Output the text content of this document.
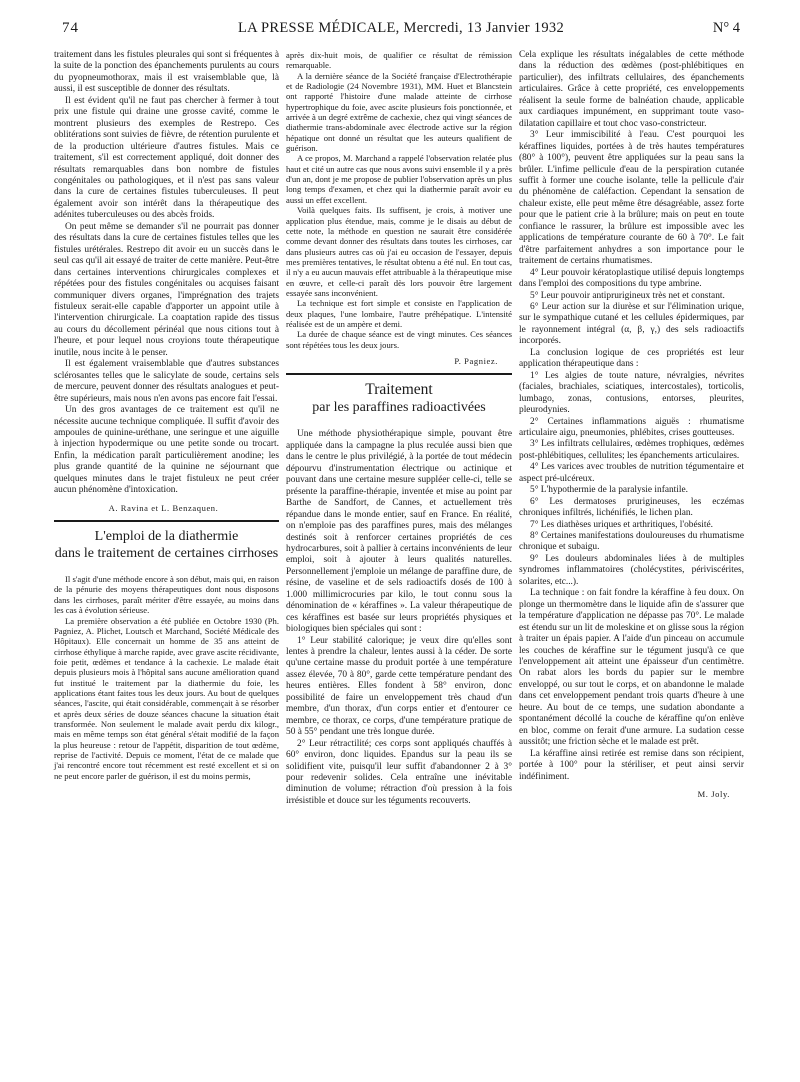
74	LA PRESSE MÉDICALE, Mercredi, 13 Janvier 1932	N° 4

traitement dans les fistules pleurales qui sont si fréquentes à la suite de la ponction des épanchements purulents au cours du pyopneumothorax, mais il est vraisemblable que, là aussi, il est susceptible de donner des résultats.

Il est évident qu'il ne faut pas chercher à fermer à tout prix une fistule qui draine une grosse cavité, comme le montrent plusieurs des exemples de Restrepo. Ces oblitérations sont suivies de fièvre, de rétention purulente et de la production ultérieure d'autres fistules. Mais ce traitement, s'il est correctement appliqué, doit donner des résultats remarquables dans bon nombre de fistules congénitales ou pathologiques, et il n'est pas sans valeur dans la cure de certaines fistules tuberculeuses. Il peut également avoir son intérêt dans la thérapeutique des adénites tuberculeuses ou des abcès froids.

On peut même se demander s'il ne pourrait pas donner des résultats dans la cure de certaines fistules telles que les fistules urétérales. Restrepo dit avoir eu un succès dans le seul cas qu'il ait essayé de traiter de cette manière. Peut-être dans certaines interventions chirurgicales complexes et répétées pour des fistules congénitales ou acquises faisant communiquer divers organes, l'imprégnation des trajets fistuleux serait-elle capable d'apporter un appoint utile à l'intervention chirurgicale. La coaptation rapide des tissus au cours du décollement périnéal que nous citions tout à l'heure, et pour lequel nous croyions toute thérapeutique inutile, nous incite à le penser.

Il est également vraisemblable que d'autres substances sclérosantes telles que le salicylate de soude, certains sels de mercure, peuvent donner des résultats analogues et peut-être supérieurs, mais nous n'en avons pas encore fait l'essai.

Un des gros avantages de ce traitement est qu'il ne nécessite aucune technique compliquée. Il suffit d'avoir des ampoules de quinine-uréthane, une seringue et une aiguille à injection hypodermique ou une petite sonde ou trocart. Enfin, la médication paraît particulièrement anodine; les plus grande quantité de la quinine ne séjournant que quelques minutes dans le trajet fistuleux ne peut créer aucun phénomène d'intoxication.

A. Ravina et L. Benzaquen.
L'emploi de la diathermie
dans le traitement de certaines cirrhoses

Il s'agit d'une méthode encore à son début, mais qui, en raison de la pénurie des moyens thérapeutiques dont nous disposons dans les cirrhoses, paraît mériter d'être essayée, au moins dans les cas à évolution sérieuse.

La première observation a été publiée en Octobre 1930 (Ph. Pagniez, A. Plichet, Loutsch et Marchand, Société Médicale des Hôpitaux). Elle concernait un homme de 35 ans atteint de cirrhose éthylique à marche rapide, avec grave ascite récidivante, foie petit, œdèmes et tendance à la cachexie. Le malade était depuis plusieurs mois à l'hôpital sans aucune amélioration quand fut institué le traitement par la diathermie du foie, les applications étant faites tous les deux jours. Au bout de quelques séances, l'ascite, qui était considérable, commençait à se résorber et après deux séries de douze séances chacune la situation était transformée. Non seulement le malade avait perdu dix kilogr., mais en même temps son état général s'était modifié de la façon la plus heureuse : retour de l'appétit, disparition de tout œdème, reprise de l'activité. Depuis ce moment, l'état de ce malade que j'ai rencontré encore tout récemment est resté excellent et si on ne peut encore parler de guérison, il est du moins permis,

après dix-huit mois, de qualifier ce résultat de rémission remarquable.

A la dernière séance de la Société française d'Electrothérapie et de Radiologie (24 Novembre 1931), MM. Huet et Blancstein ont rapporté l'histoire d'une malade atteinte de cirrhose hypertrophique du foie, avec ascite plusieurs fois ponctionnée, et arrivée à un degré extrême de cachexie, chez qui vingt séances de diathermie trans-abdominale avec électrode active sur la région hépatique ont donné un résultat que les auteurs qualifient de guérison.

A ce propos, M. Marchand a rappelé l'observation relatée plus haut et cité un autre cas que nous avons suivi ensemble il y a près d'un an, dont je me propose de publier l'observation après un plus long temps d'examen, et chez qui la diathermie paraît avoir eu aussi un effet excellent.

Voilà quelques faits. Ils suffisent, je crois, à motiver une application plus étendue, mais, comme je le disais au début de cette note, la méthode en question ne saurait être considérée comme devant donner des résultats dans toutes les cirrhoses, car dans plusieurs autres cas où j'ai eu occasion de l'essayer, depuis mes premières tentatives, le résultat obtenu a été nul. En tout cas, il n'y a eu aucun mauvais effet attribuable à la thérapeutique mise en œuvre, et celle-ci paraît dès lors pouvoir être largement essayée sans inconvénient.

La technique est fort simple et consiste en l'application de deux plaques, l'une lombaire, l'autre préhépatique. L'intensité réalisée est de un ampère et demi.

La durée de chaque séance est de vingt minutes. Ces séances sont répétées tous les deux jours.

P. Pagniez.
Traitement
par les paraffines radioactivées

Une méthode physiothérapique simple, pouvant être appliquée dans la campagne la plus reculée aussi bien que dans le centre le plus privilégié, à la portée de tout médecin dépourvu d'instrumentation électrique ou actinique et pouvant dans une certaine mesure suppléer celle-ci, telle se présente la paraffine-thérapie, inventée et mise au point par Barthe de Sandfort, de Cannes, et actuellement très répandue dans le monde entier, sauf en France. En réalité, on n'emploie pas des paraffines pures, mais des mélanges destinés soit à renforcer certaines propriétés de ces hydrocarbures, soit à pallier à certains inconvénients de leur emploi, soit à ajouter à leurs qualités naturelles. Personnellement j'emploie un mélange de paraffine dure, de résine, de vaseline et de sels radioactifs dosés de 100 à 1.000 millimicrocuries par kilo, le tout connu sous la dénomination de « kéraffines ». La valeur thérapeutique de ces kéraffines est basée sur leurs propriétés physiques et biologiques bien spéciales qui sont :

1° Leur stabilité calorique; je veux dire qu'elles sont lentes à prendre la chaleur, lentes aussi à la céder. De sorte qu'une certaine masse du produit portée à une température assez élevée, 70 à 80°, garde cette température pendant des heures entières. Elles fondent à 58° environ, donc possibilité de faire un enveloppement très chaud d'un membre, d'un thorax, d'un corps entier et d'entourer ce membre, ce thorax, ce corps, d'une température pratique de 50 à 55° pendant une très longue durée.

2° Leur rétractilité; ces corps sont appliqués chauffés à 60° environ, donc liquides. Epandus sur la peau ils se solidifient vite, puisqu'il leur suffit d'abandonner 2 à 3° pour redevenir solides. Cela entraîne une inévitable diminution de volume; rétraction d'où pression à la fois irrésistible et douce sur les téguments recouverts.

Cela explique les résultats inégalables de cette méthode dans la réduction des œdèmes (post-phlébitiques en particulier), des infiltrats cellulaires, des épanchements articulaires. Grâce à cette propriété, ces enveloppements réalisent la seule forme de balnéation chaude, applicable aux cardiaques impunément, en supprimant toute vaso-dilatation capillaire et tout choc vaso-constricteur.

3° Leur immiscibilité à l'eau. C'est pourquoi les kéraffines liquides, portées à de très hautes températures (80° à 100°), peuvent être appliquées sur la peau sans la brûler. L'infime pellicule d'eau de la perspiration cutanée suffit à former une couche isolante, telle la pellicule d'air du phénomène de caléfaction. Cependant la sensation de chaleur existe, elle peut même être désagréable, assez forte pour que le patient crie à la brûlure; mais on peut en toute confiance le rassurer, la brûlure est impossible avec les applications de température courante de 60 à 70°. Le fait d'être parfaitement anhydres a son importance pour le traitement de certains rhumatismes.

4° Leur pouvoir kératoplastique utilisé depuis longtemps dans l'emploi des compositions du type ambrine.

5° Leur pouvoir antiprurigineux très net et constant.

6° Leur action sur la diurèse et sur l'élimination urique, sur le sympathique cutané et les cellules épidermiques, par le rayonnement intégral (α, β, γ,) des sels radioactifs incorporés.

La conclusion logique de ces propriétés est leur application thérapeutique dans :

1° Les algies de toute nature, névralgies, névrites (faciales, brachiales, sciatiques, intercostales), torticolis, lumbago, zonas, contusions, entorses, pleurites, pleurodynies.

2° Certaines inflammations aiguës : rhumatisme articulaire aigu, pneumonies, phlébites, crises goutteuses.

3° Les infiltrats cellulaires, œdèmes trophiques, œdèmes post-phlébitiques, cellulites; les épanchements articulaires.

4° Les varices avec troubles de nutrition tégumentaire et aspect pré-ulcéreux.

5° L'hypothermie de la paralysie infantile.

6° Les dermatoses prurigineuses, les eczémas chroniques infiltrés, lichénifiés, le lichen plan.

7° Les diathèses uriques et arthritiques, l'obésité.

8° Certaines manifestations douloureuses du rhumatisme chronique et subaigu.

9° Les douleurs abdominales liées à de multiples syndromes inflammatoires (cholécystites, périviscérites, solarites, etc...).

La technique : on fait fondre la kéraffine à feu doux. On plonge un thermomètre dans le liquide afin de s'assurer que la température d'application ne dépasse pas 70°. Le malade est étendu sur un lit de moleskine et on glisse sous la région à traiter un épais papier. A l'aide d'un pinceau on accumule les couches de kéraffine sur le tégument jusqu'à ce que l'enveloppement ait atteint une épaisseur d'un centimètre. On rabat alors les bords du papier sur le membre enveloppé, ou sur tout le corps, et on abandonne le malade dans cet enveloppement pendant trois quarts d'heure à une heure. Au bout de ce temps, une sudation abondante a spontanément décollé la couche de kéraffine qu'on enlève en bloc, comme on ferait d'une armure. La sudation cesse aussitôt; une friction sèche et le malade est prêt.

La kéraffine ainsi retirée est remise dans son récipient, portée à 100° pour la stériliser, et peut ainsi servir indéfiniment.

M. Joly.
